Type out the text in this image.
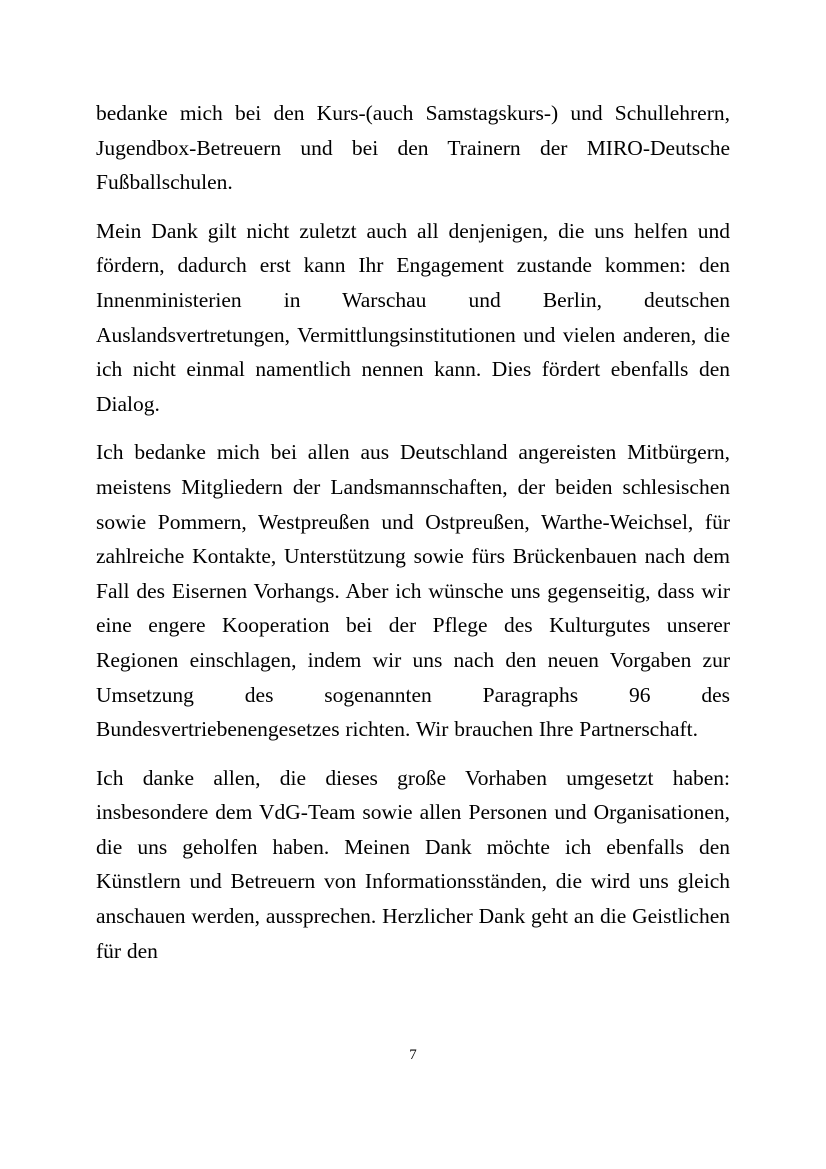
bedanke mich bei den Kurs-(auch Samstagskurs-) und Schullehrern, Jugendbox-Betreuern und bei den Trainern der MIRO-Deutsche Fußballschulen.

Mein Dank gilt nicht zuletzt auch all denjenigen, die uns helfen und fördern, dadurch erst kann Ihr Engagement zustande kommen: den Innenministerien in Warschau und Berlin, deutschen Auslandsvertretungen, Vermittlungsinstitutionen und vielen anderen, die ich nicht einmal namentlich nennen kann. Dies fördert ebenfalls den Dialog.

Ich bedanke mich bei allen aus Deutschland angereisten Mitbürgern, meistens Mitgliedern der Landsmannschaften, der beiden schlesischen sowie Pommern, Westpreußen und Ostpreußen, Warthe-Weichsel, für zahlreiche Kontakte, Unterstützung sowie fürs Brückenbauen nach dem Fall des Eisernen Vorhangs. Aber ich wünsche uns gegenseitig, dass wir eine engere Kooperation bei der Pflege des Kulturgutes unserer Regionen einschlagen, indem wir uns nach den neuen Vorgaben zur Umsetzung des sogenannten Paragraphs 96 des Bundesvertriebenengesetzes richten. Wir brauchen Ihre Partnerschaft.

Ich danke allen, die dieses große Vorhaben umgesetzt haben: insbesondere dem VdG-Team sowie allen Personen und Organisationen, die uns geholfen haben. Meinen Dank möchte ich ebenfalls den Künstlern und Betreuern von Informationsständen, die wird uns gleich anschauen werden, aussprechen. Herzlicher Dank geht an die Geistlichen für den

7
